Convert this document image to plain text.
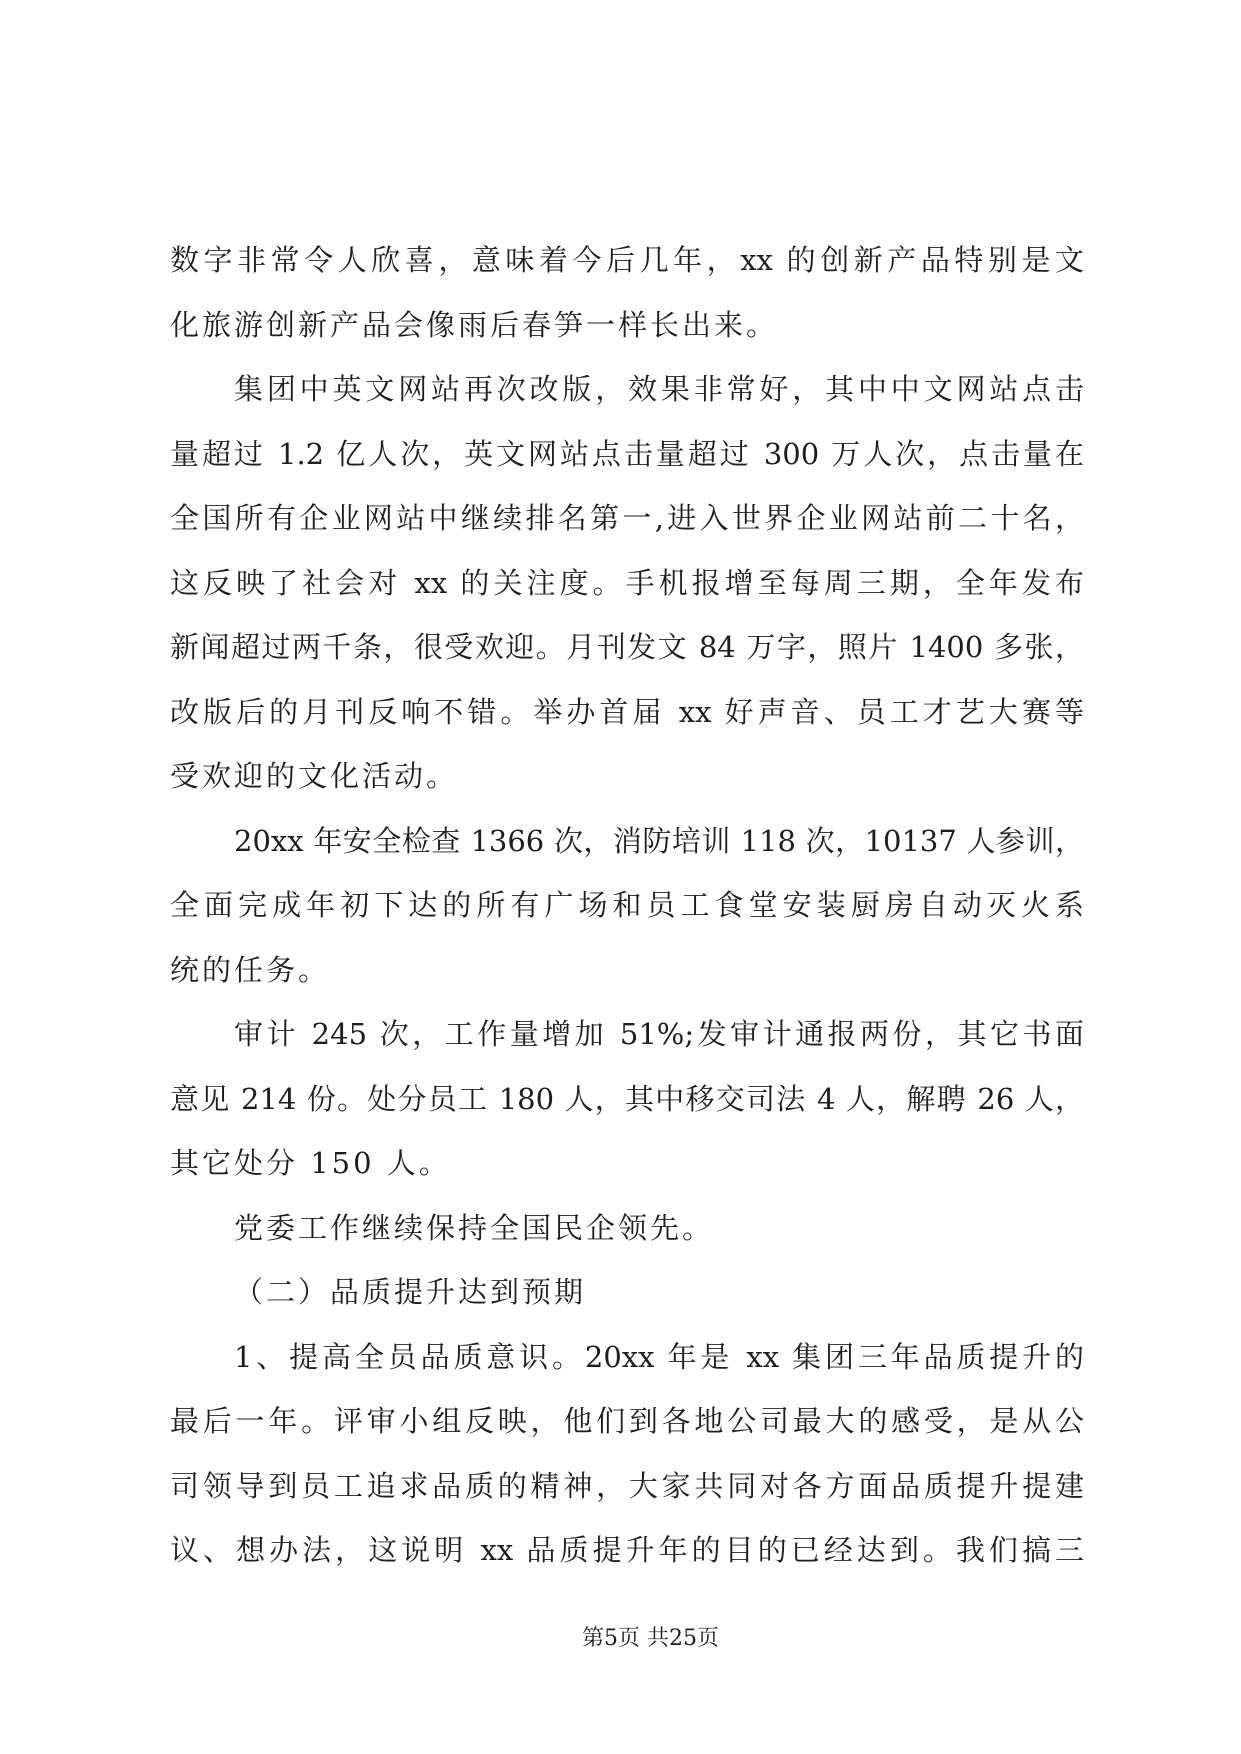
数字非常令人欣喜，意味着今后几年，xx 的创新产品特别是文
化旅游创新产品会像雨后春笋一样长出来。
集团中英文网站再次改版，效果非常好，其中中文网站点击
量超过 1.2 亿人次，英文网站点击量超过 300 万人次，点击量在
全国所有企业网站中继续排名第一,进入世界企业网站前二十名，
这反映了社会对 xx 的关注度。手机报增至每周三期，全年发布
新闻超过两千条，很受欢迎。月刊发文 84 万字，照片 1400 多张，
改版后的月刊反响不错。举办首届 xx 好声音、员工才艺大赛等
受欢迎的文化活动。
20xx 年安全检查 1366 次，消防培训 118 次，10137 人参训，
全面完成年初下达的所有广场和员工食堂安装厨房自动灭火系
统的任务。
审计 245 次，工作量增加 51%;发审计通报两份，其它书面
意见 214 份。处分员工 180 人，其中移交司法 4 人，解聘 26 人，
其它处分 150 人。
党委工作继续保持全国民企领先。
（二）品质提升达到预期
1、提高全员品质意识。20xx 年是 xx 集团三年品质提升的
最后一年。评审小组反映，他们到各地公司最大的感受，是从公
司领导到员工追求品质的精神，大家共同对各方面品质提升提建
议、想办法，这说明 xx 品质提升年的目的已经达到。我们搞三
第5页 共25页
